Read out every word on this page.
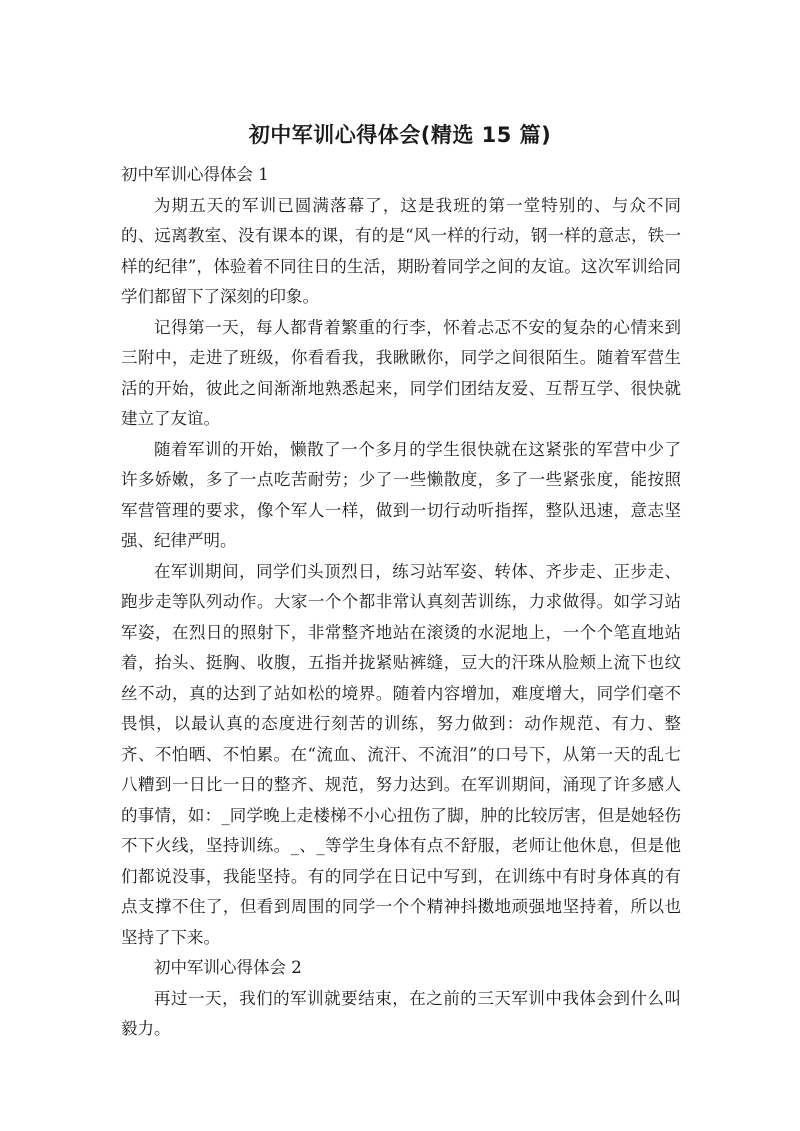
初中军训心得体会(精选 15 篇)

初中军训心得体会 1

为期五天的军训已圆满落幕了，这是我班的第一堂特别的、与众不同的、远离教室、没有课本的课，有的是“风一样的行动，钢一样的意志，铁一样的纪律”，体验着不同往日的生活，期盼着同学之间的友谊。这次军训给同学们都留下了深刻的印象。

记得第一天，每人都背着繁重的行李，怀着忐忑不安的复杂的心情来到三附中，走进了班级，你看看我，我瞅瞅你，同学之间很陌生。随着军营生活的开始，彼此之间渐渐地熟悉起来，同学们团结友爱、互帮互学、很快就建立了友谊。

随着军训的开始，懒散了一个多月的学生很快就在这紧张的军营中少了许多娇嫩，多了一点吃苦耐劳；少了一些懒散度，多了一些紧张度，能按照军营管理的要求，像个军人一样，做到一切行动听指挥，整队迅速，意志坚强、纪律严明。

在军训期间，同学们头顶烈日，练习站军姿、转体、齐步走、正步走、跑步走等队列动作。大家一个个都非常认真刻苦训练，力求做得。如学习站军姿，在烈日的照射下，非常整齐地站在滚烫的水泥地上，一个个笔直地站着，抬头、挺胸、收腹，五指并拢紧贴裤缝，豆大的汗珠从脸颊上流下也纹丝不动，真的达到了站如松的境界。随着内容增加，难度增大，同学们毫不畏惧，以最认真的态度进行刻苦的训练，努力做到：动作规范、有力、整齐、不怕晒、不怕累。在“流血、流汗、不流泪”的口号下，从第一天的乱七八糟到一日比一日的整齐、规范，努力达到。在军训期间，涌现了许多感人的事情，如：_同学晚上走楼梯不小心扭伤了脚，肿的比较厉害，但是她轻伤不下火线，坚持训练。_、_等学生身体有点不舒服，老师让他休息，但是他们都说没事，我能坚持。有的同学在日记中写到，在训练中有时身体真的有点支撑不住了，但看到周围的同学一个个精神抖擞地顽强地坚持着，所以也坚持了下来。

初中军训心得体会 2

再过一天，我们的军训就要结束，在之前的三天军训中我体会到什么叫毅力。
